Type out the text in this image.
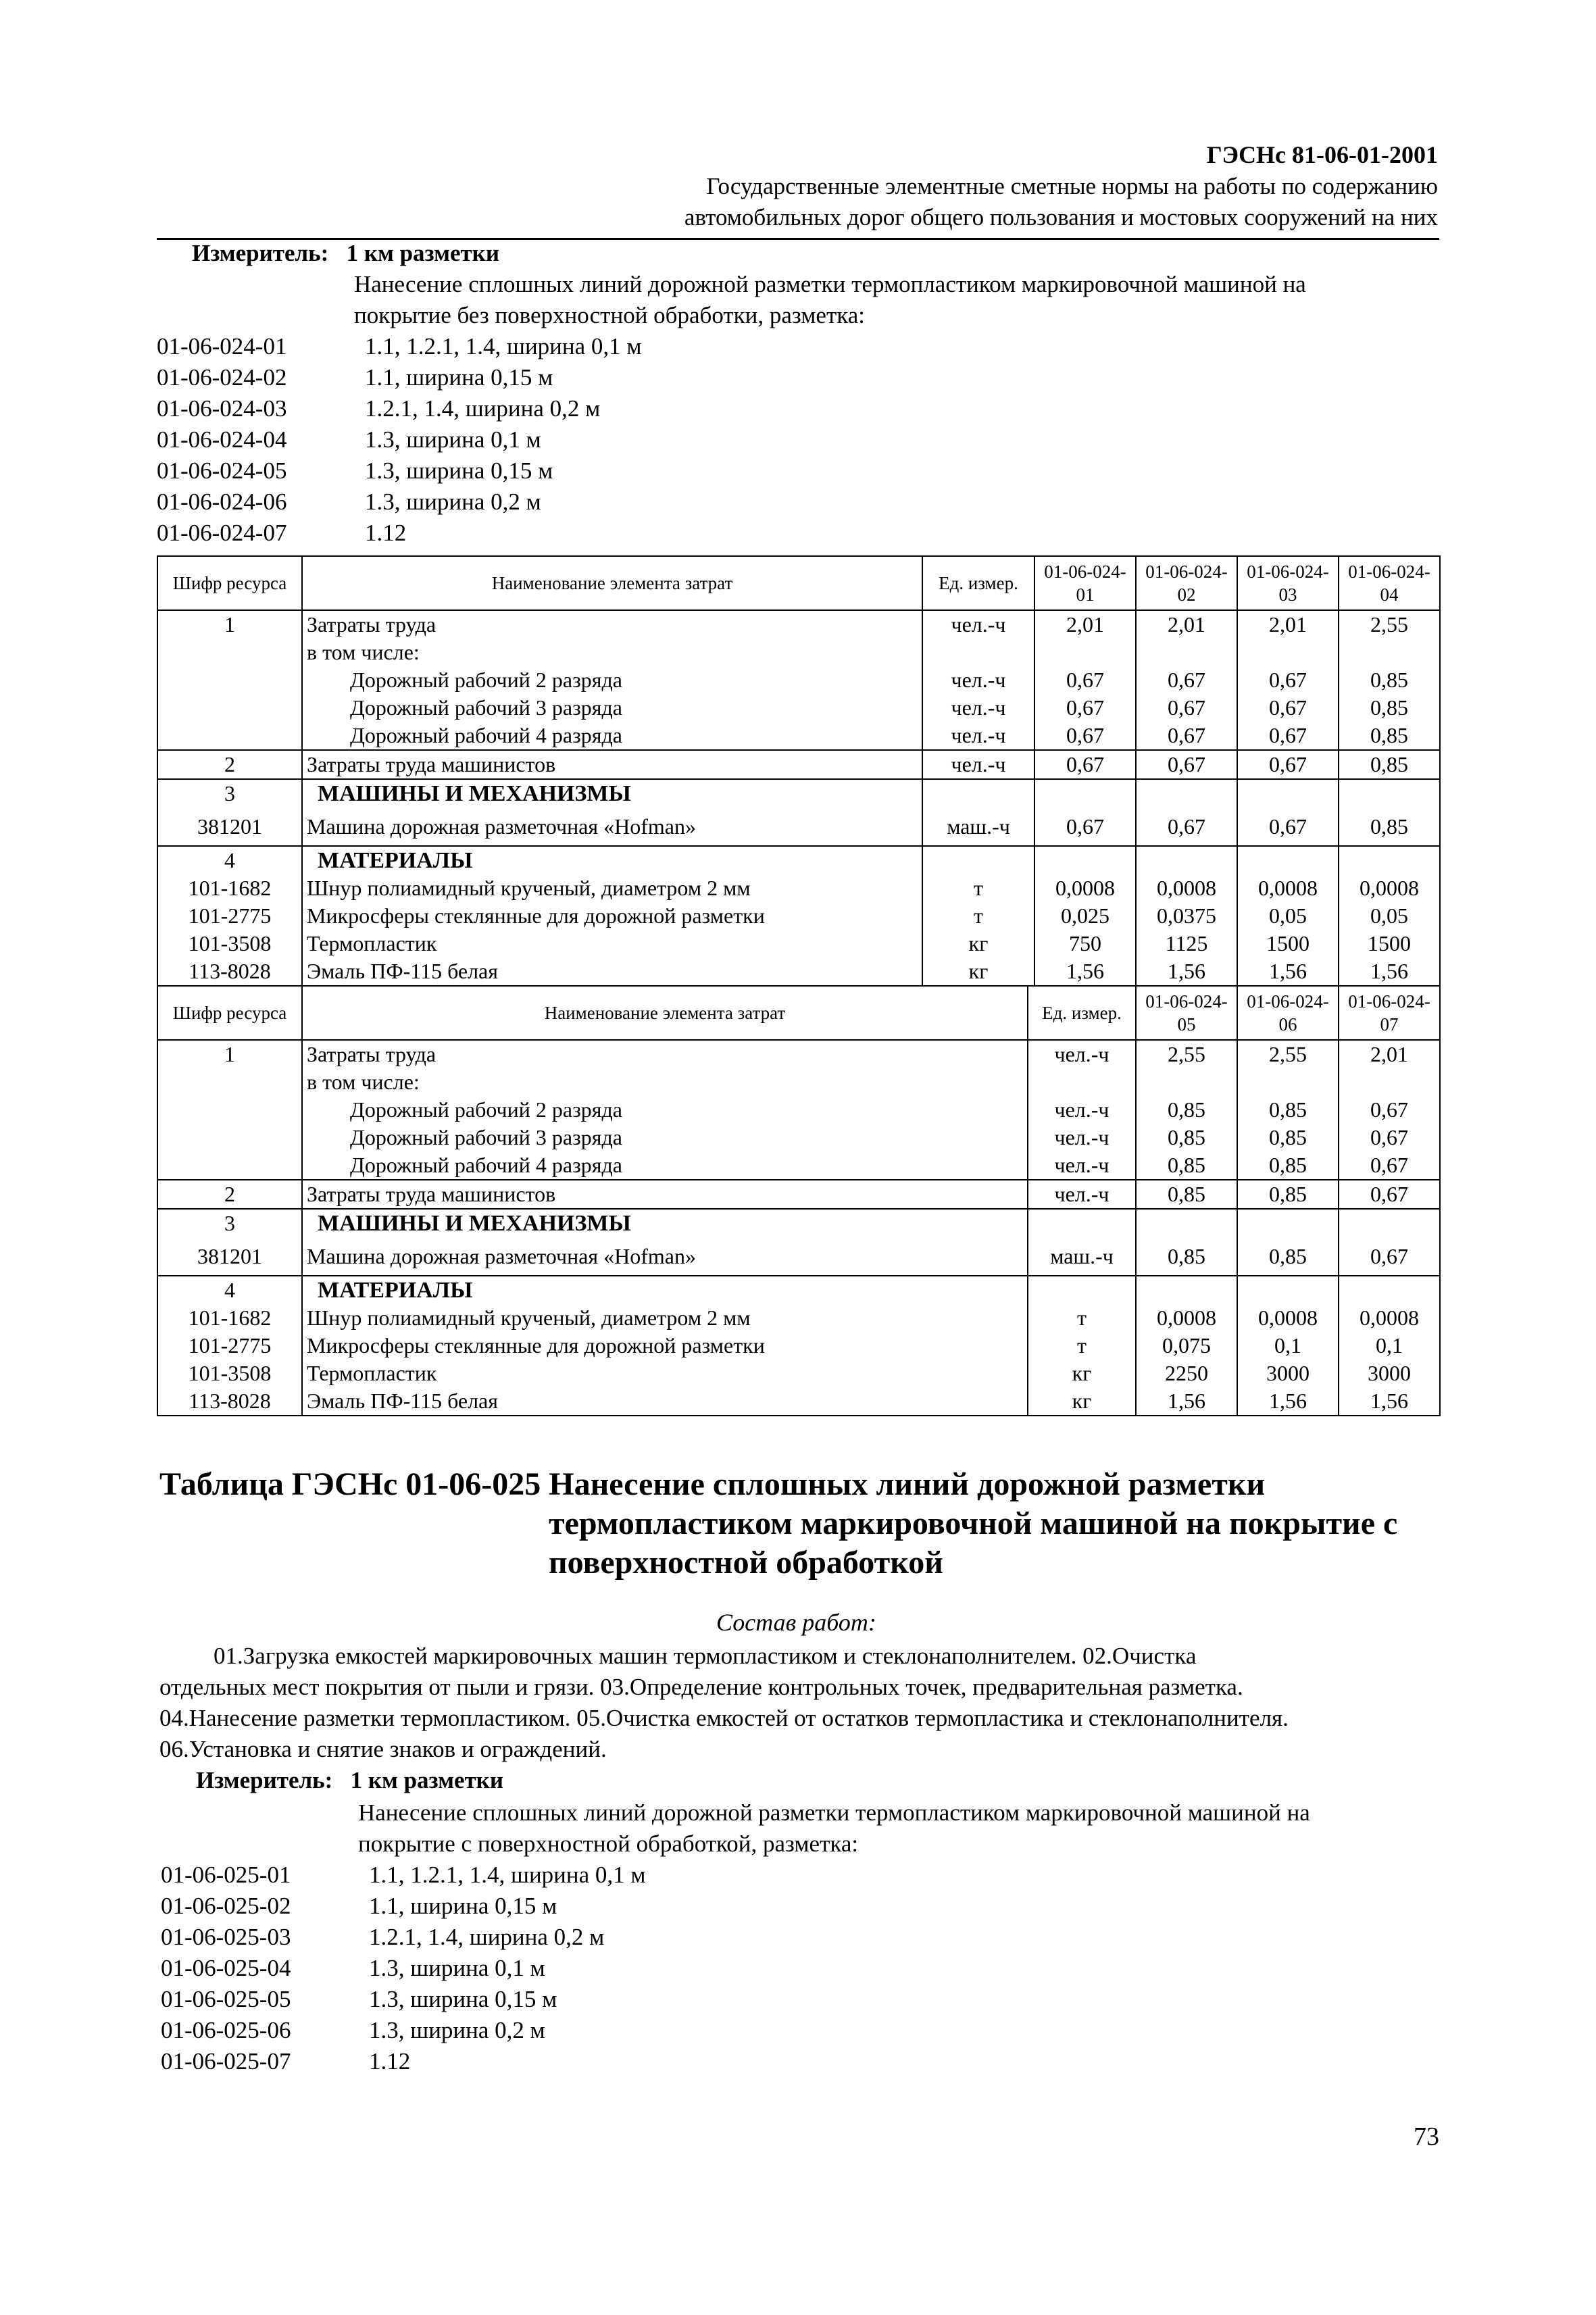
ГЭСНс 81-06-01-2001
Государственные элементные сметные нормы на работы по содержанию
автомобильных дорог общего пользования и мостовых сооружений на них
Измеритель: 1 км разметки
Нанесение сплошных линий дорожной разметки термопластиком маркировочной машиной на
покрытие без поверхностной обработки, разметка:
01-06-024-01	1.1, 1.2.1, 1.4, ширина 0,1 м
01-06-024-02	1.1, ширина 0,15 м
01-06-024-03	1.2.1, 1.4, ширина 0,2 м
01-06-024-04	1.3, ширина 0,1 м
01-06-024-05	1.3, ширина 0,15 м
01-06-024-06	1.3, ширина 0,2 м
01-06-024-07	1.12
Шифр ресурса	Наименование элемента затрат	Ед. измер.	01-06-024-01	01-06-024-02	01-06-024-03	01-06-024-04
1	Затраты труда	чел.-ч	2,01	2,01	2,01	2,55
	в том числе:					
	Дорожный рабочий 2 разряда	чел.-ч	0,67	0,67	0,67	0,85
	Дорожный рабочий 3 разряда	чел.-ч	0,67	0,67	0,67	0,85
	Дорожный рабочий 4 разряда	чел.-ч	0,67	0,67	0,67	0,85
2	Затраты труда машинистов	чел.-ч	0,67	0,67	0,67	0,85
3	МАШИНЫ И МЕХАНИЗМЫ					
381201	Машина дорожная разметочная «Hofman»	маш.-ч	0,67	0,67	0,67	0,85
4	МАТЕРИАЛЫ					
101-1682	Шнур полиамидный крученый, диаметром 2 мм	т	0,0008	0,0008	0,0008	0,0008
101-2775	Микросферы стеклянные для дорожной разметки	т	0,025	0,0375	0,05	0,05
101-3508	Термопластик	кг	750	1125	1500	1500
113-8028	Эмаль ПФ-115 белая	кг	1,56	1,56	1,56	1,56
Шифр ресурса	Наименование элемента затрат	Ед. измер.	01-06-024-05	01-06-024-06	01-06-024-07
1	Затраты труда	чел.-ч	2,55	2,55	2,01
	в том числе:				
	Дорожный рабочий 2 разряда	чел.-ч	0,85	0,85	0,67
	Дорожный рабочий 3 разряда	чел.-ч	0,85	0,85	0,67
	Дорожный рабочий 4 разряда	чел.-ч	0,85	0,85	0,67
2	Затраты труда машинистов	чел.-ч	0,85	0,85	0,67
3	МАШИНЫ И МЕХАНИЗМЫ				
381201	Машина дорожная разметочная «Hofman»	маш.-ч	0,85	0,85	0,67
4	МАТЕРИАЛЫ				
101-1682	Шнур полиамидный крученый, диаметром 2 мм	т	0,0008	0,0008	0,0008
101-2775	Микросферы стеклянные для дорожной разметки	т	0,075	0,1	0,1
101-3508	Термопластик	кг	2250	3000	3000
113-8028	Эмаль ПФ-115 белая	кг	1,56	1,56	1,56
Таблица ГЭСНс 01-06-025 Нанесение сплошных линий дорожной разметки
термопластиком маркировочной машиной на покрытие с
поверхностной обработкой
Состав работ:
01.Загрузка емкостей маркировочных машин термопластиком и стеклонаполнителем. 02.Очистка
отдельных мест покрытия от пыли и грязи. 03.Определение контрольных точек, предварительная разметка.
04.Нанесение разметки термопластиком. 05.Очистка емкостей от остатков термопластика и стеклонаполнителя.
06.Установка и снятие знаков и ограждений.
Измеритель: 1 км разметки
Нанесение сплошных линий дорожной разметки термопластиком маркировочной машиной на
покрытие с поверхностной обработкой, разметка:
01-06-025-01	1.1, 1.2.1, 1.4, ширина 0,1 м
01-06-025-02	1.1, ширина 0,15 м
01-06-025-03	1.2.1, 1.4, ширина 0,2 м
01-06-025-04	1.3, ширина 0,1 м
01-06-025-05	1.3, ширина 0,15 м
01-06-025-06	1.3, ширина 0,2 м
01-06-025-07	1.12
73
